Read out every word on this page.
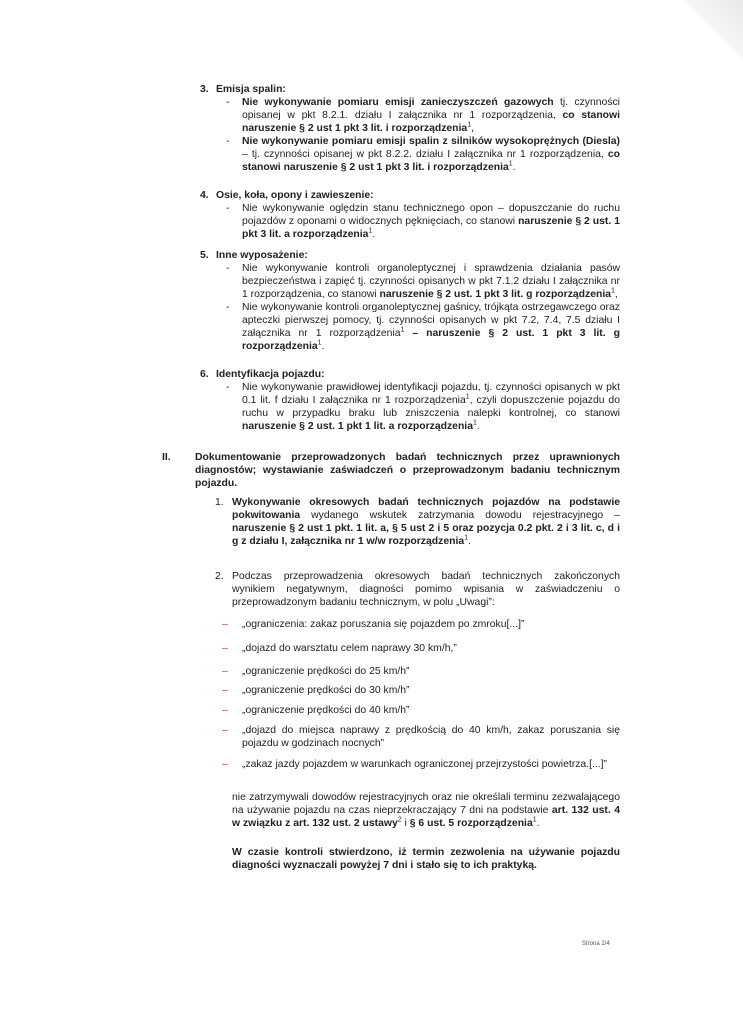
3. Emisja spalin:
- Nie wykonywanie pomiaru emisji zanieczyszczeń gazowych tj. czynności opisanej w pkt 8.2.1. działu I załącznika nr 1 rozporządzenia, co stanowi naruszenie § 2 ust 1 pkt 3 lit. i rozporządzenia$^1$,
- Nie wykonywanie pomiaru emisji spalin z silników wysokoprężnych (Diesla) – tj. czynności opisanej w pkt 8.2.2. działu I załącznika nr 1 rozporządzenia, co stanowi naruszenie § 2 ust 1 pkt 3 lit. i rozporządzenia$^1$.
4. Osie, koła, opony i zawieszenie:
- Nie wykonywanie oględzin stanu technicznego opon – dopuszczanie do ruchu pojazdów z oponami o widocznych pęknięciach, co stanowi naruszenie § 2 ust. 1 pkt 3 lit. a rozporządzenia$^1$.
5. Inne wyposażenie:
- Nie wykonywanie kontroli organoleptycznej i sprawdzenia działania pasów bezpieczeństwa i zapięć tj. czynności opisanych w pkt 7.1.2 działu I załącznika nr 1 rozporządzenia, co stanowi naruszenie § 2 ust. 1 pkt 3 lit. g rozporządzenia$^1$,
- Nie wykonywanie kontroli organoleptycznej gaśnicy, trójkąta ostrzegawczego oraz apteczki pierwszej pomocy, tj. czynności opisanych w pkt 7.2, 7.4, 7.5 działu I załącznika nr 1 rozporządzenia$^1$ – naruszenie § 2 ust. 1 pkt 3 lit. g rozporządzenia$^1$.
6. Identyfikacja pojazdu:
- Nie wykonywanie prawidłowej identyfikacji pojazdu, tj. czynności opisanych w pkt 0.1 lit. f działu I załącznika nr 1 rozporządzenia$^1$, czyli dopuszczenie pojazdu do ruchu w przypadku braku lub zniszczenia nalepki kontrolnej, co stanowi naruszenie § 2 ust. 1 pkt 1 lit. a rozporządzenia$^1$.
II. Dokumentowanie przeprowadzonych badań technicznych przez uprawnionych diagnostów; wystawianie zaświadczeń o przeprowadzonym badaniu technicznym pojazdu.
1. Wykonywanie okresowych badań technicznych pojazdów na podstawie pokwitowania wydanego wskutek zatrzymania dowodu rejestracyjnego – naruszenie § 2 ust 1 pkt. 1 lit. a, § 5 ust 2 i 5 oraz pozycja 0.2 pkt. 2 i 3 lit. c, d i g z działu I, załącznika nr 1 w/w rozporządzenia$^1$.
2. Podczas przeprowadzenia okresowych badań technicznych zakończonych wynikiem negatywnym, diagności pomimo wpisania w zaświadczeniu o przeprowadzonym badaniu technicznym, w polu „Uwagi”:
– „ograniczenia: zakaz poruszania się pojazdem po zmroku[...]”
– „dojazd do warsztatu celem naprawy 30 km/h,”
– „ograniczenie prędkości do 25 km/h”
– „ograniczenie prędkości do 30 km/h”
– „ograniczenie prędkości do 40 km/h”
– „dojazd do miejsca naprawy z prędkością do 40 km/h, zakaz poruszania się pojazdu w godzinach nocnych”
– „zakaz jazdy pojazdem w warunkach ograniczonej przejrzystości powietrza.[...]”
nie zatrzymywali dowodów rejestracyjnych oraz nie określali terminu zezwalającego na używanie pojazdu na czas nieprzekraczający 7 dni na podstawie art. 132 ust. 4 w związku z art. 132 ust. 2 ustawy$^2$ i § 6 ust. 5 rozporządzenia$^1$.
W czasie kontroli stwierdzono, iż termin zezwolenia na używanie pojazdu diagności wyznaczali powyżej 7 dni i stało się to ich praktyką.
Strona 2/4
